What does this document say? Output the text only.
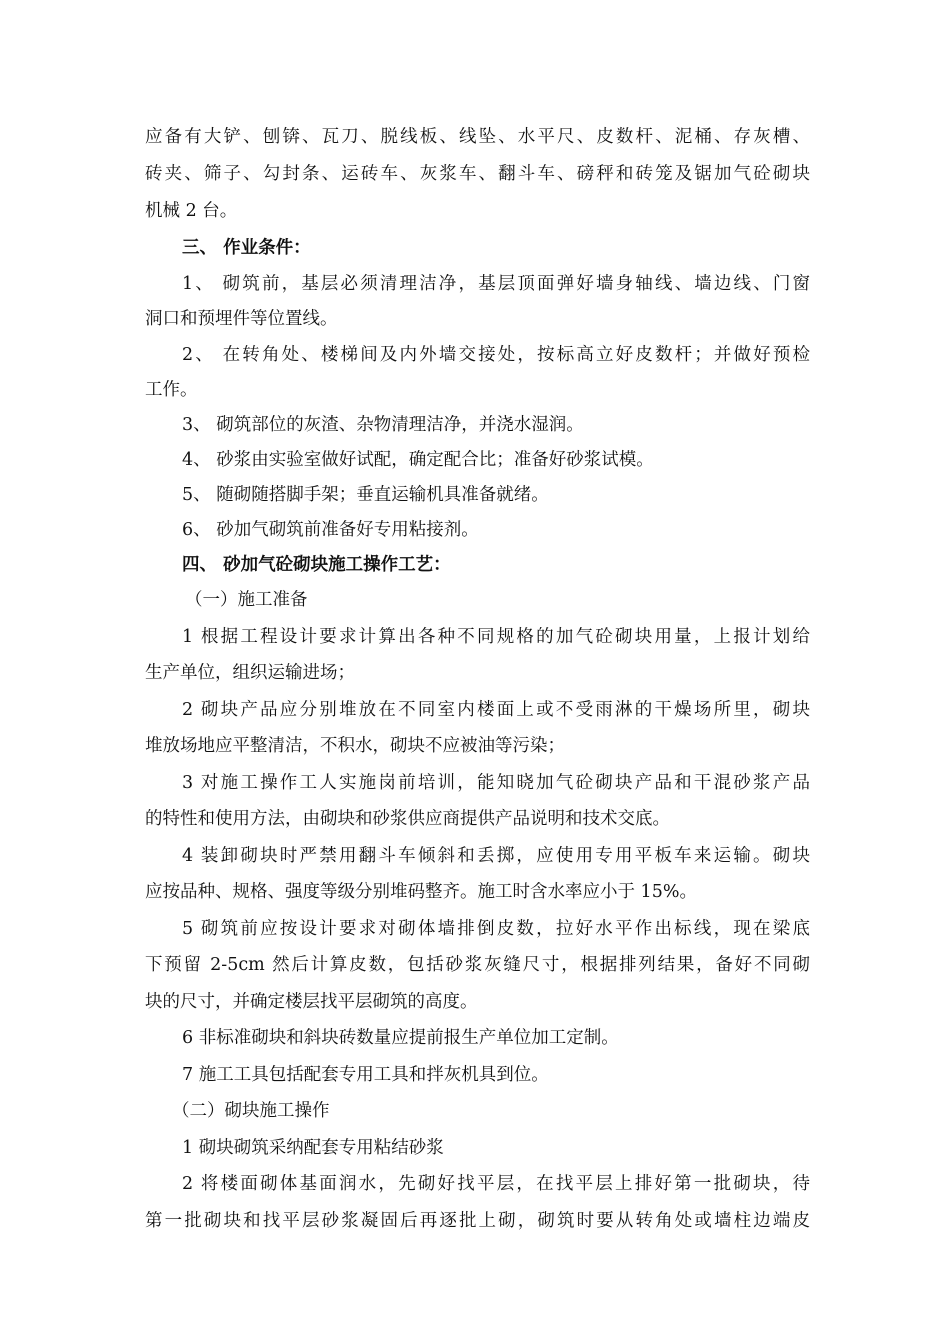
应备有大铲、刨锛、瓦刀、脱线板、线坠、水平尺、皮数杆、泥桶、存灰槽、
砖夹、筛子、勾封条、运砖车、灰浆车、翻斗车、磅秤和砖笼及锯加气砼砌块
机械 2 台。
三、 作业条件：
1、 砌筑前，基层必须清理洁净，基层顶面弹好墙身轴线、墙边线、门窗
洞口和预埋件等位置线。
2、 在转角处、楼梯间及内外墙交接处，按标高立好皮数杆；并做好预检
工作。
3、 砌筑部位的灰渣、杂物清理洁净，并浇水湿润。
4、 砂浆由实验室做好试配，确定配合比；准备好砂浆试模。
5、 随砌随搭脚手架；垂直运输机具准备就绪。
6、 砂加气砌筑前准备好专用粘接剂。
四、 砂加气砼砌块施工操作工艺：
（一）施工准备
1 根据工程设计要求计算出各种不同规格的加气砼砌块用量，上报计划给
生产单位，组织运输进场；
2 砌块产品应分别堆放在不同室内楼面上或不受雨淋的干燥场所里，砌块
堆放场地应平整清洁，不积水，砌块不应被油等污染；
3 对施工操作工人实施岗前培训，能知晓加气砼砌块产品和干混砂浆产品
的特性和使用方法，由砌块和砂浆供应商提供产品说明和技术交底。
4 装卸砌块时严禁用翻斗车倾斜和丢掷，应使用专用平板车来运输。砌块
应按品种、规格、强度等级分别堆码整齐。施工时含水率应小于 15%。
5 砌筑前应按设计要求对砌体墙排倒皮数，拉好水平作出标线，现在梁底
下预留 2-5cm 然后计算皮数，包括砂浆灰缝尺寸，根据排列结果，备好不同砌
块的尺寸，并确定楼层找平层砌筑的高度。
6 非标准砌块和斜块砖数量应提前报生产单位加工定制。
7 施工工具包括配套专用工具和拌灰机具到位。
（二）砌块施工操作
1 砌块砌筑采纳配套专用粘结砂浆
2 将楼面砌体基面润水，先砌好找平层，在找平层上排好第一批砌块，待
第一批砌块和找平层砂浆凝固后再逐批上砌，砌筑时要从转角处或墙柱边端皮
